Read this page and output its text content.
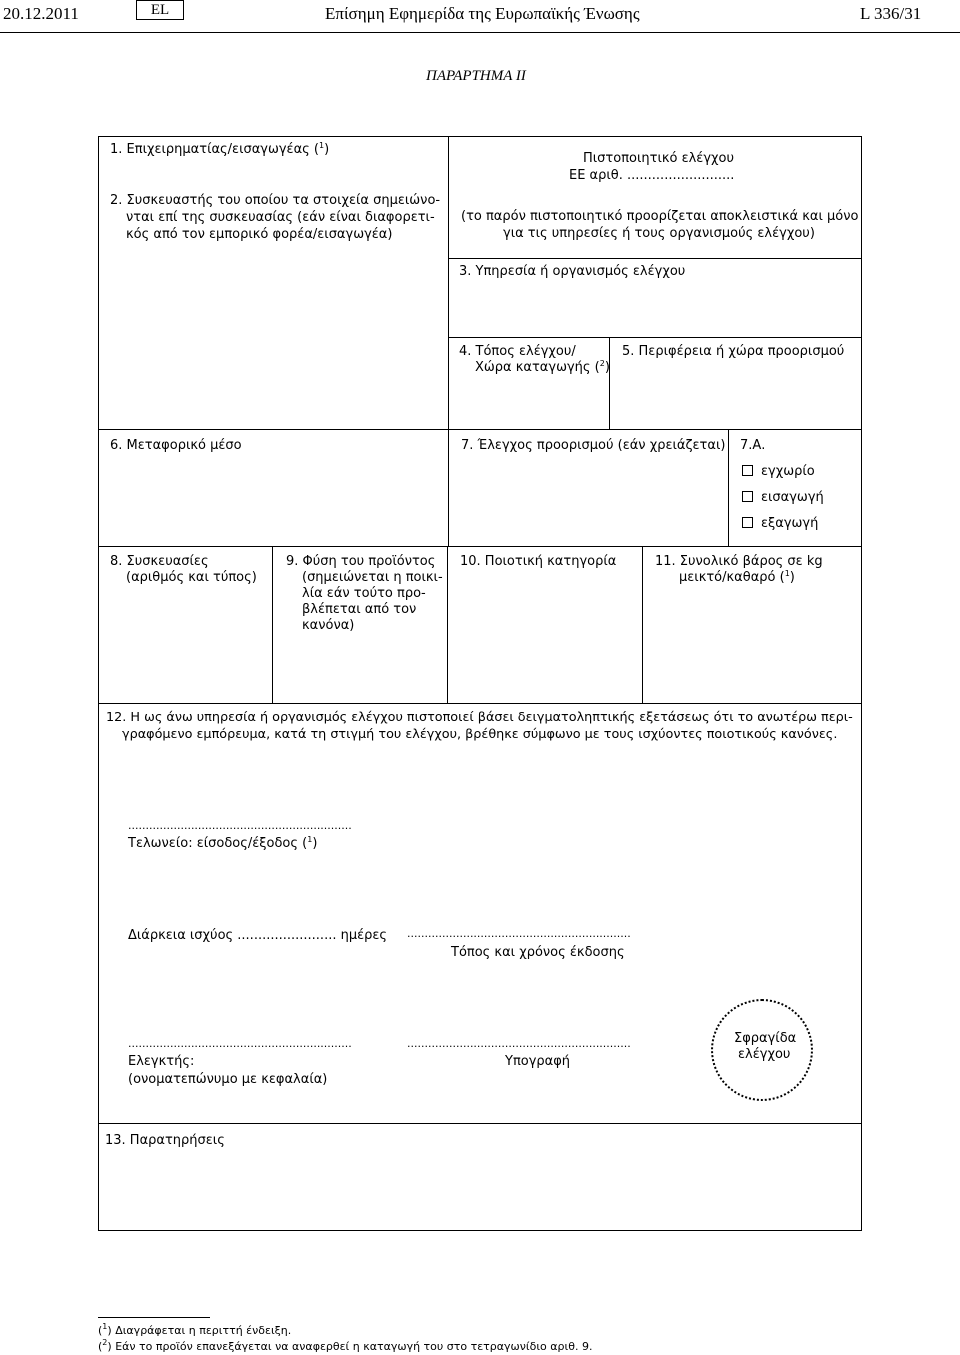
20.12.2011	EL	Επίσημη Εφημερίδα της Ευρωπαϊκής Ένωσης	L 336/31
ΠΑΡΑΡΤΗΜΑ II
1. Επιχειρηματίας/εισαγωγέας ($^1$)
2. Συσκευαστής του οποίου τα στοιχεία σημειώνο-
νται επί της συσκευασίας (εάν είναι διαφορετι-
κός από τον εμπορικό φορέα/εισαγωγέα)
Πιστοποιητικό ελέγχου
ΕΕ αριθ. ..........................
(το παρόν πιστοποιητικό προορίζεται αποκλειστικά και μόνο
για τις υπηρεσίες ή τους οργανισμούς ελέγχου)
3. Υπηρεσία ή οργανισμός ελέγχου
4. Τόπος ελέγχου/
Χώρα καταγωγής ($^2$)
5. Περιφέρεια ή χώρα προορισμού
6. Μεταφορικό μέσο	7. Έλεγχος προορισμού (εάν χρειάζεται) 7.Α.
εγχωρίο
εισαγωγή
εξαγωγή
8. Συσκευασίες
(αριθμός και τύπος)
9. Φύση του προϊόντος
(σημειώνεται η ποικι-
λία εάν τούτο προ-
βλέπεται από τον
κανόνα)
10. Ποιοτική κατηγορία	11. Συνολικό βάρος σε kg
μεικτό/καθαρό ($^1$)
12. Η ως άνω υπηρεσία ή οργανισμός ελέγχου πιστοποιεί βάσει δειγματοληπτικής εξετάσεως ότι το ανωτέρω περι-
γραφόμενο εμπόρευμα, κατά τη στιγμή του ελέγχου, βρέθηκε σύμφωνο με τους ισχύοντες ποιοτικούς κανόνες.
................................................................
Τελωνείο: είσοδος/έξοδος ($^1$)
Διάρκεια ισχύος ........................ ημέρες ................................................................
Τόπος και χρόνος έκδοσης
................................................................
Ελεγκτής:
(ονοματεπώνυμο με κεφαλαία)
................................................................
Υπογραφή
Σφραγίδα
ελέγχου
13. Παρατηρήσεις
($^1$) Διαγράφεται η περιττή ένδειξη.
($^2$) Εάν το προϊόν επανεξάγεται να αναφερθεί η καταγωγή του στο τετραγωνίδιο αριθ. 9.
